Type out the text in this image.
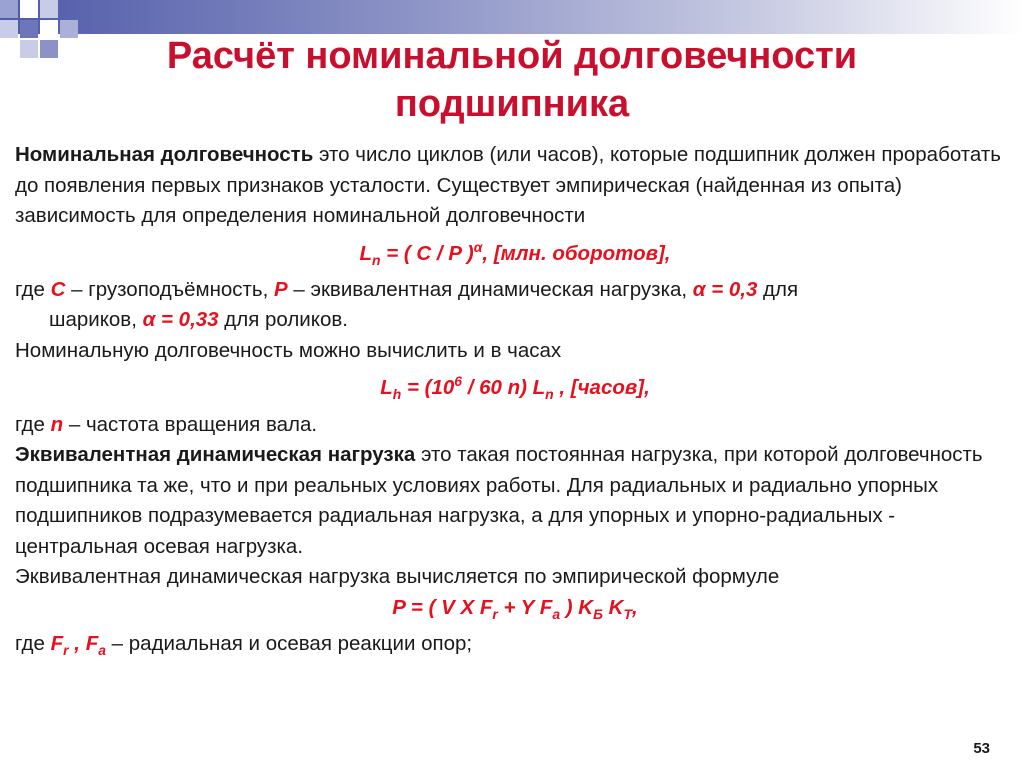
Расчёт номинальной долговечности
подшипника

Номинальная долговечность это число циклов (или часов), которые подшипник должен проработать до появления первых признаков усталости. Существует эмпирическая (найденная из опыта) зависимость для определения номинальной долговечности

$L_n$ = ( C / P )$^\alpha$, [млн. оборотов],

где C – грузоподъёмность, P – эквивалентная динамическая нагрузка, α = 0,3 для

шариков, α = 0,33 для роликов.

Номинальную долговечность можно вычислить и в часах

$L_h = (10^6 / 60$ n) $L_n$ , [часов],

где n – частота вращения вала.

Эквивалентная динамическая нагрузка это такая постоянная нагрузка, при которой долговечность подшипника та же, что и при реальных условиях работы. Для радиальных и радиально упорных подшипников подразумевается радиальная нагрузка, а для упорных и упорно-радиальных - центральная осевая нагрузка.

Эквивалентная динамическая нагрузка вычисляется по эмпирической формуле

P = ( V X $F_r + Y$ $F_a$ ) $K_Б$ $K_T$,

где $F_r$ , $F_a$ – радиальная и осевая реакции опор;

53
